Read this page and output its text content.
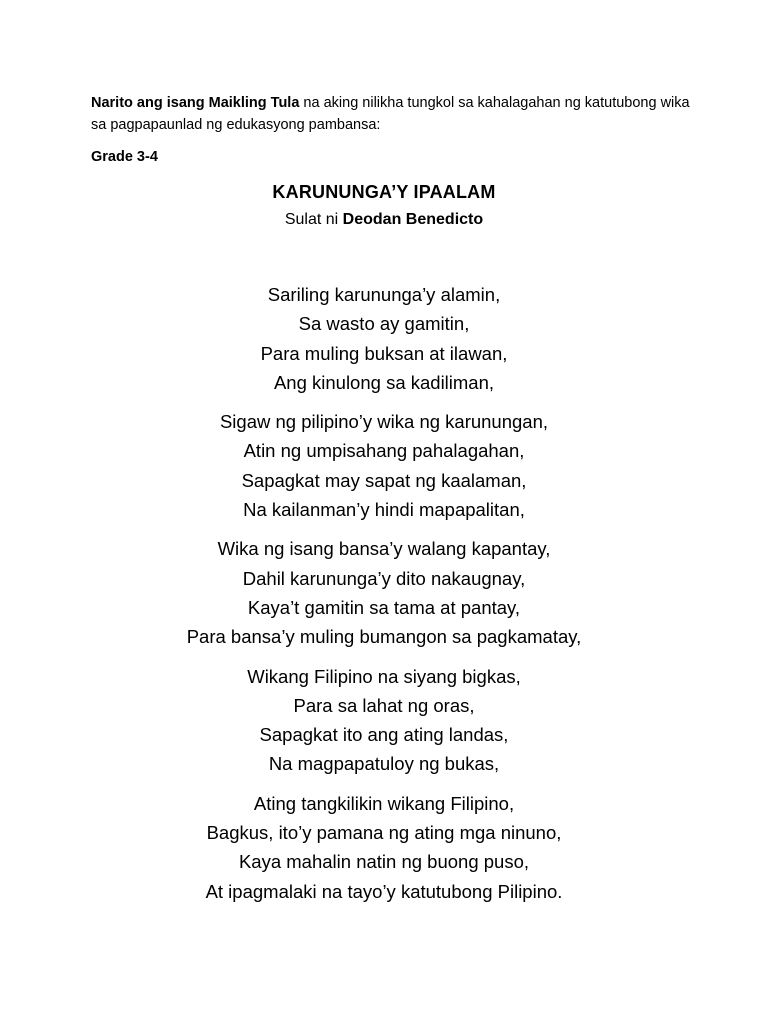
Narito ang isang Maikling Tula na aking nilikha tungkol sa kahalagahan ng katutubong wika sa pagpapaunlad ng edukasyong pambansa:

Grade 3-4
KARUNUNGA’Y IPAALAM
Sulat ni Deodan Benedicto
Sariling karununga’y alamin,
Sa wasto ay gamitin,
Para muling buksan at ilawan,
Ang kinulong sa kadiliman,
Sigaw ng pilipino’y wika ng karunungan,
Atin ng umpisahang pahalagahan,
Sapagkat may sapat ng kaalaman,
Na kailanman’y hindi mapapalitan,
Wika ng isang bansa’y walang kapantay,
Dahil karununga’y dito nakaugnay,
Kaya’t gamitin sa tama at pantay,
Para bansa’y muling bumangon sa pagkamatay,
Wikang Filipino na siyang bigkas,
Para sa lahat ng oras,
Sapagkat ito ang ating landas,
Na magpapatuloy ng bukas,
Ating tangkilikin wikang Filipino,
Bagkus, ito’y pamana ng ating mga ninuno,
Kaya mahalin natin ng buong puso,
At ipagmalaki na tayo’y katutubong Pilipino.
